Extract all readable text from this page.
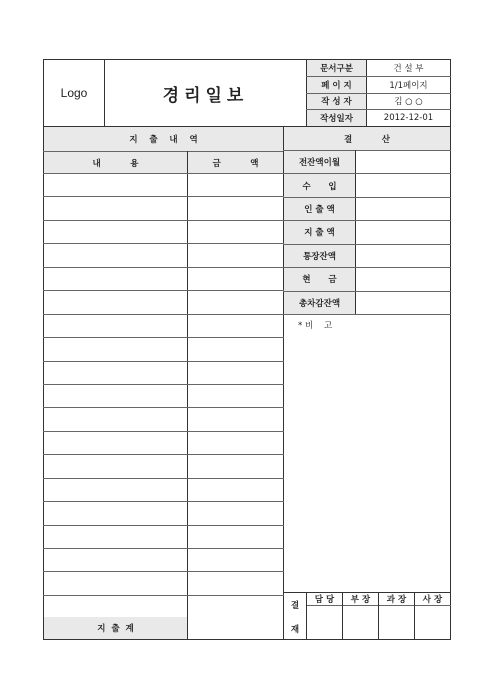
Logo	경리일보
문서구분	건 설 부
페 이 지	1/1페이지
작 성 자	김 ○ ○
작성일자	2012-12-01
지    출    내    역
내          용	금          액
지  출  계
결          산
전잔액이월
수      입
인 출 액
지 출 액
통장잔액
현      금
총차감잔액
* 비    고
결
재
담 당	부 장	과 장	사 장
